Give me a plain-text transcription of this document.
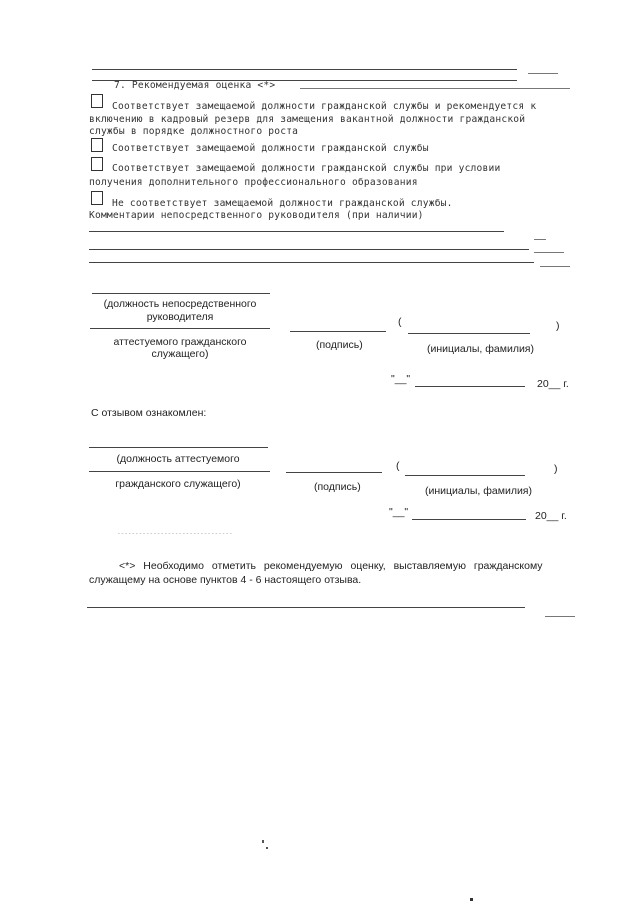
7. Рекомендуемая оценка <*>
Соответствует замещаемой должности гражданской службы и рекомендуется к
включению в кадровый резерв для замещения вакантной должности гражданской
службы в порядке должностного роста
Соответствует замещаемой должности гражданской службы
Соответствует замещаемой должности гражданской службы при условии
получения дополнительного профессионального образования
Не соответствует замещаемой должности гражданской службы.
Комментарии непосредственного руководителя (при наличии)
(должность непосредственного
руководителя	(	)
аттестуемого гражданского
служащего)
(подпись)	(инициалы, фамилия)
"__"	20__ г.
С отзывом ознакомлен:
(должность аттестуемого
(	)
гражданского служащего)	(подпись)	(инициалы, фамилия)
"__"	20__ г.
--------------------------------
<*> Необходимо отметить рекомендуемую оценку, выставляемую гражданскому
служащему на основе пунктов 4 - 6 настоящего отзыва.
